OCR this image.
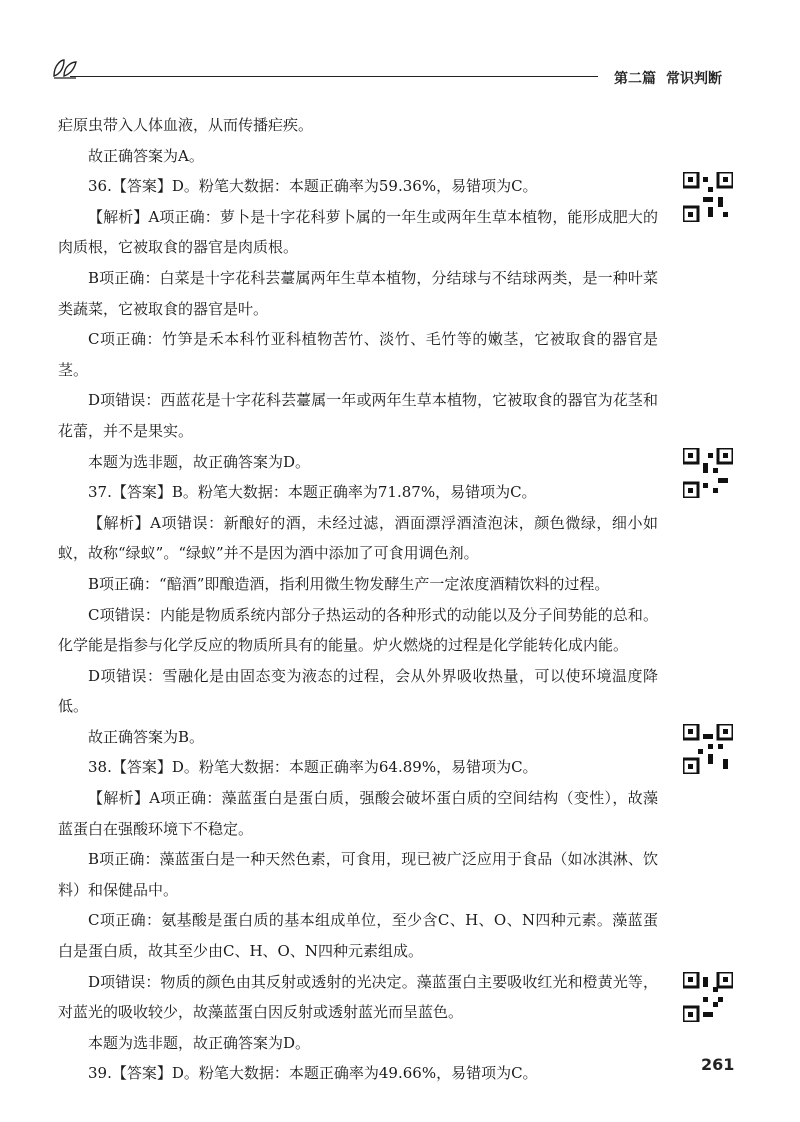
第二篇 常识判断

疟原虫带入人体血液，从而传播疟疾。

故正确答案为A。

36.【答案】D。粉笔大数据：本题正确率为59.36%，易错项为C。

【解析】A项正确：萝卜是十字花科萝卜属的一年生或两年生草本植物，能形成肥大的肉质根，它被取食的器官是肉质根。

B项正确：白菜是十字花科芸薹属两年生草本植物，分结球与不结球两类，是一种叶菜类蔬菜，它被取食的器官是叶。

C项正确：竹笋是禾本科竹亚科植物苦竹、淡竹、毛竹等的嫩茎，它被取食的器官是茎。

D项错误：西蓝花是十字花科芸薹属一年或两年生草本植物，它被取食的器官为花茎和花蕾，并不是果实。

本题为选非题，故正确答案为D。

37.【答案】B。粉笔大数据：本题正确率为71.87%，易错项为C。

【解析】A项错误：新酿好的酒，未经过滤，酒面漂浮酒渣泡沫，颜色微绿，细小如蚁，故称“绿蚁”。“绿蚁”并不是因为酒中添加了可食用调色剂。

B项正确：“醅酒”即酿造酒，指利用微生物发酵生产一定浓度酒精饮料的过程。

C项错误：内能是物质系统内部分子热运动的各种形式的动能以及分子间势能的总和。化学能是指参与化学反应的物质所具有的能量。炉火燃烧的过程是化学能转化成内能。

D项错误：雪融化是由固态变为液态的过程，会从外界吸收热量，可以使环境温度降低。

故正确答案为B。

38.【答案】D。粉笔大数据：本题正确率为64.89%，易错项为C。

【解析】A项正确：藻蓝蛋白是蛋白质，强酸会破坏蛋白质的空间结构（变性），故藻蓝蛋白在强酸环境下不稳定。

B项正确：藻蓝蛋白是一种天然色素，可食用，现已被广泛应用于食品（如冰淇淋、饮料）和保健品中。

C项正确：氨基酸是蛋白质的基本组成单位，至少含C、H、O、N四种元素。藻蓝蛋白是蛋白质，故其至少由C、H、O、N四种元素组成。

D项错误：物质的颜色由其反射或透射的光决定。藻蓝蛋白主要吸收红光和橙黄光等，对蓝光的吸收较少，故藻蓝蛋白因反射或透射蓝光而呈蓝色。

本题为选非题，故正确答案为D。

39.【答案】D。粉笔大数据：本题正确率为49.66%，易错项为C。	261
